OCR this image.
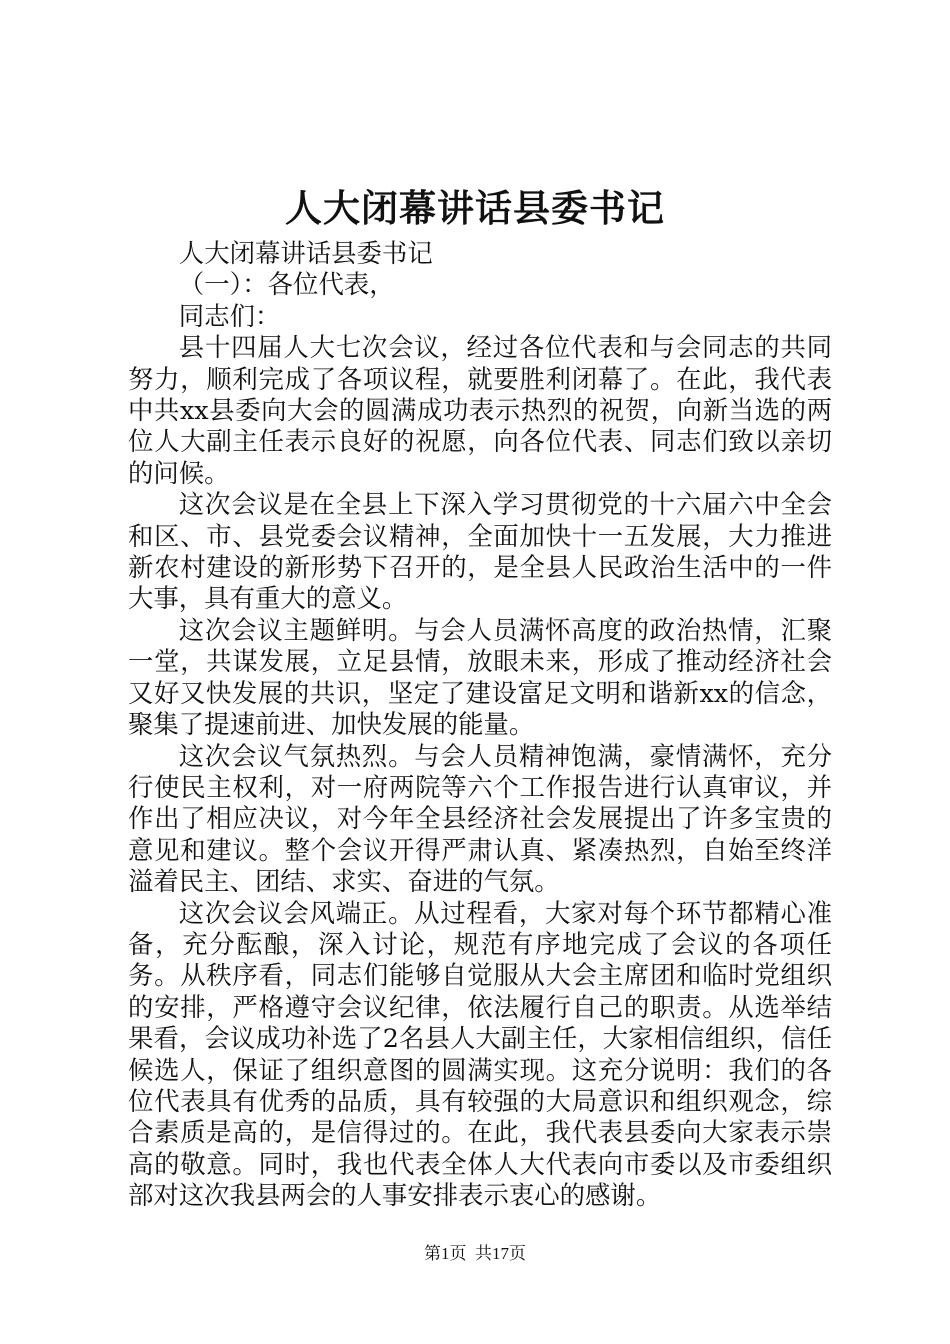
人大闭幕讲话县委书记

人大闭幕讲话县委书记

（一）：各位代表，

同志们：

县十四届人大七次会议，经过各位代表和与会同志的共同努力，顺利完成了各项议程，就要胜利闭幕了。在此，我代表中共xx县委向大会的圆满成功表示热烈的祝贺，向新当选的两位人大副主任表示良好的祝愿，向各位代表、同志们致以亲切的问候。

这次会议是在全县上下深入学习贯彻党的十六届六中全会和区、市、县党委会议精神，全面加快十一五发展，大力推进新农村建设的新形势下召开的，是全县人民政治生活中的一件大事，具有重大的意义。

这次会议主题鲜明。与会人员满怀高度的政治热情，汇聚一堂，共谋发展，立足县情，放眼未来，形成了推动经济社会又好又快发展的共识，坚定了建设富足文明和谐新xx的信念，聚集了提速前进、加快发展的能量。

这次会议气氛热烈。与会人员精神饱满，豪情满怀，充分行使民主权利，对一府两院等六个工作报告进行认真审议，并作出了相应决议，对今年全县经济社会发展提出了许多宝贵的意见和建议。整个会议开得严肃认真、紧凑热烈，自始至终洋溢着民主、团结、求实、奋进的气氛。

这次会议会风端正。从过程看，大家对每个环节都精心准备，充分酝酿，深入讨论，规范有序地完成了会议的各项任务。从秩序看，同志们能够自觉服从大会主席团和临时党组织的安排，严格遵守会议纪律，依法履行自己的职责。从选举结果看，会议成功补选了2名县人大副主任，大家相信组织，信任候选人，保证了组织意图的圆满实现。这充分说明：我们的各位代表具有优秀的品质，具有较强的大局意识和组织观念，综合素质是高的，是信得过的。在此，我代表县委向大家表示崇高的敬意。同时，我也代表全体人大代表向市委以及市委组织部对这次我县两会的人事安排表示衷心的感谢。

第1页 共17页
